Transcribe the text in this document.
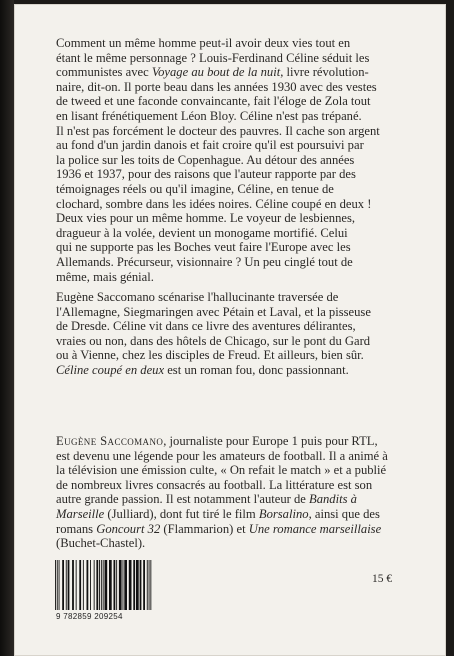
Comment un même homme peut-il avoir deux vies tout en
étant le même personnage ? Louis-Ferdinand Céline séduit les
communistes avec Voyage au bout de la nuit, livre révolution-
naire, dit-on. Il porte beau dans les années 1930 avec des vestes
de tweed et une faconde convaincante, fait l'éloge de Zola tout
en lisant frénétiquement Léon Bloy. Céline n'est pas trépané.
Il n'est pas forcément le docteur des pauvres. Il cache son argent
au fond d'un jardin danois et fait croire qu'il est poursuivi par
la police sur les toits de Copenhague. Au détour des années
1936 et 1937, pour des raisons que l'auteur rapporte par des
témoignages réels ou qu'il imagine, Céline, en tenue de
clochard, sombre dans les idées noires. Céline coupé en deux !
Deux vies pour un même homme. Le voyeur de lesbiennes,
dragueur à la volée, devient un monogame mortifié. Celui
qui ne supporte pas les Boches veut faire l'Europe avec les
Allemands. Précurseur, visionnaire ? Un peu cinglé tout de
même, mais génial.

Eugène Saccomano scénarise l'hallucinante traversée de
l'Allemagne, Siegmaringen avec Pétain et Laval, et la pisseuse
de Dresde. Céline vit dans ce livre des aventures délirantes,
vraies ou non, dans des hôtels de Chicago, sur le pont du Gard
ou à Vienne, chez les disciples de Freud. Et ailleurs, bien sûr.
Céline coupé en deux est un roman fou, donc passionnant.

Eugène Saccomano, journaliste pour Europe 1 puis pour RTL,
est devenu une légende pour les amateurs de football. Il a animé à
la télévision une émission culte, « On refait le match » et a publié
de nombreux livres consacrés au football. La littérature est son
autre grande passion. Il est notamment l'auteur de Bandits à
Marseille (Julliard), dont fut tiré le film Borsalino, ainsi que des
romans Goncourt 32 (Flammarion) et Une romance marseillaise
(Buchet-Chastel).

9 782859 209254
15 €
